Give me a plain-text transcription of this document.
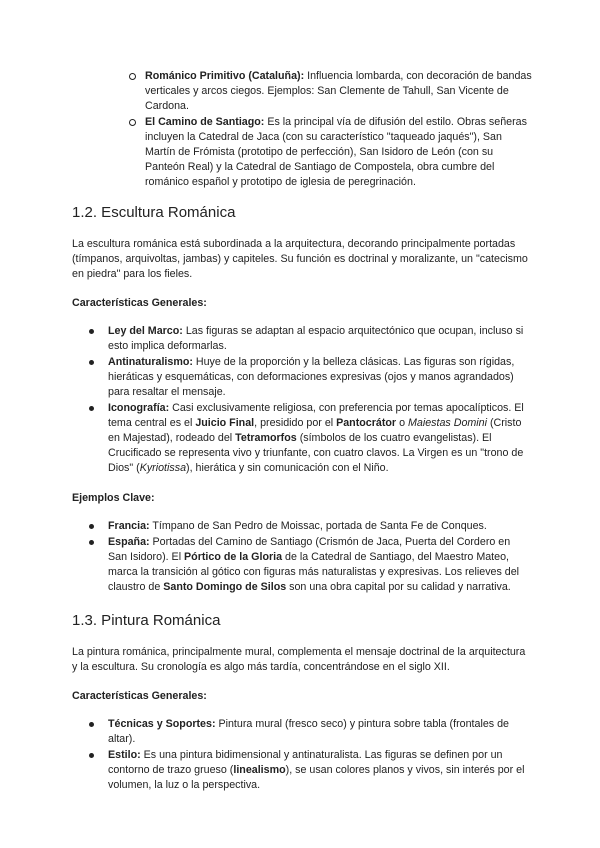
Románico Primitivo (Cataluña): Influencia lombarda, con decoración de bandas verticales y arcos ciegos. Ejemplos: San Clemente de Tahull, San Vicente de Cardona.
El Camino de Santiago: Es la principal vía de difusión del estilo. Obras señeras incluyen la Catedral de Jaca (con su característico "taqueado jaqués"), San Martín de Frómista (prototipo de perfección), San Isidoro de León (con su Panteón Real) y la Catedral de Santiago de Compostela, obra cumbre del románico español y prototipo de iglesia de peregrinación.
1.2. Escultura Románica

La escultura románica está subordinada a la arquitectura, decorando principalmente portadas (tímpanos, arquivoltas, jambas) y capiteles. Su función es doctrinal y moralizante, un "catecismo en piedra" para los fieles.

Características Generales:

Ley del Marco: Las figuras se adaptan al espacio arquitectónico que ocupan, incluso si esto implica deformarlas.
Antinaturalismo: Huye de la proporción y la belleza clásicas. Las figuras son rígidas, hieráticas y esquemáticas, con deformaciones expresivas (ojos y manos agrandados) para resaltar el mensaje.
Iconografía: Casi exclusivamente religiosa, con preferencia por temas apocalípticos. El tema central es el Juicio Final, presidido por el Pantocrátor o Maiestas Domini (Cristo en Majestad), rodeado del Tetramorfos (símbolos de los cuatro evangelistas). El Crucificado se representa vivo y triunfante, con cuatro clavos. La Virgen es un "trono de Dios" (Kyriotissa), hierática y sin comunicación con el Niño.

Ejemplos Clave:

Francia: Tímpano de San Pedro de Moissac, portada de Santa Fe de Conques.
España: Portadas del Camino de Santiago (Crismón de Jaca, Puerta del Cordero en San Isidoro). El Pórtico de la Gloria de la Catedral de Santiago, del Maestro Mateo, marca la transición al gótico con figuras más naturalistas y expresivas. Los relieves del claustro de Santo Domingo de Silos son una obra capital por su calidad y narrativa.
1.3. Pintura Románica

La pintura románica, principalmente mural, complementa el mensaje doctrinal de la arquitectura y la escultura. Su cronología es algo más tardía, concentrándose en el siglo XII.

Características Generales:

Técnicas y Soportes: Pintura mural (fresco seco) y pintura sobre tabla (frontales de altar).
Estilo: Es una pintura bidimensional y antinaturalista. Las figuras se definen por un contorno de trazo grueso (linealismo), se usan colores planos y vivos, sin interés por el volumen, la luz o la perspectiva.
